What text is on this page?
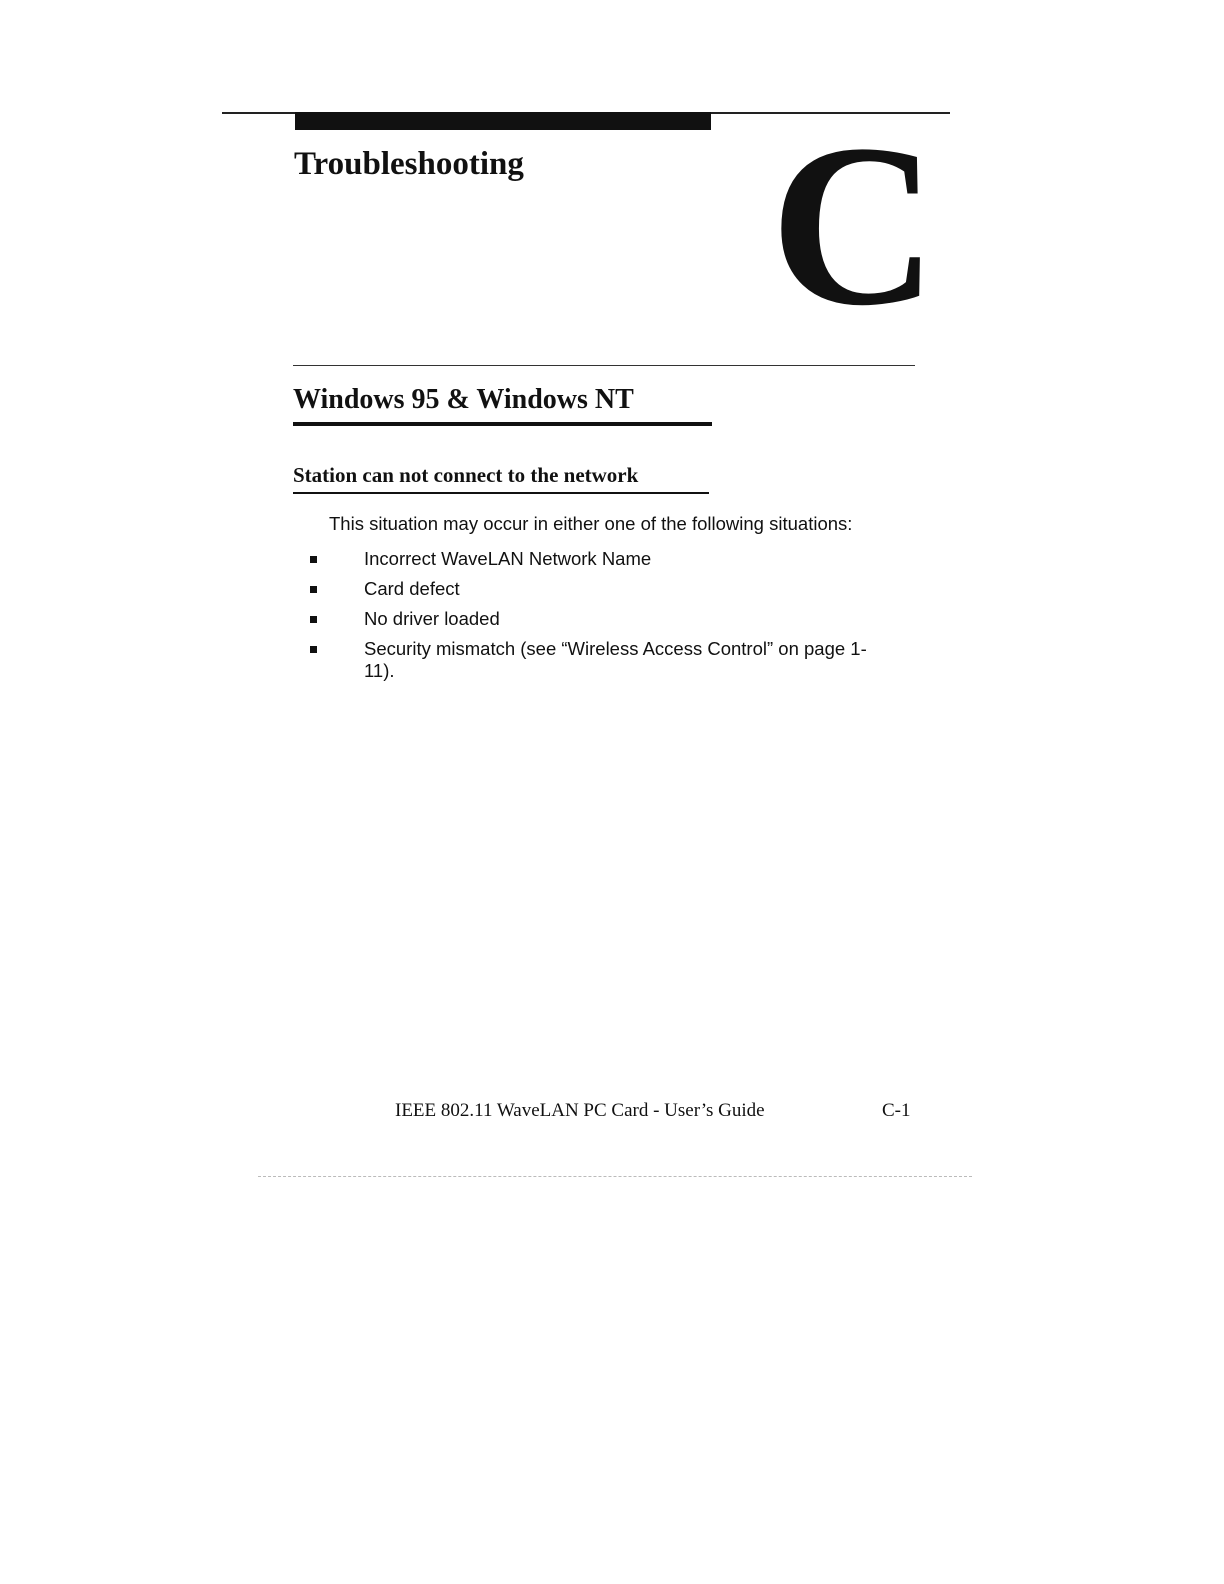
Troubleshooting C
Windows 95 & Windows NT
Station can not connect to the network

This situation may occur in either one of the following situations:

Incorrect WaveLAN Network Name
Card defect
No driver loaded
Security mismatch (see “Wireless Access Control” on page 1-11).
IEEE 802.11 WaveLAN PC Card - User’s Guide	C-1
